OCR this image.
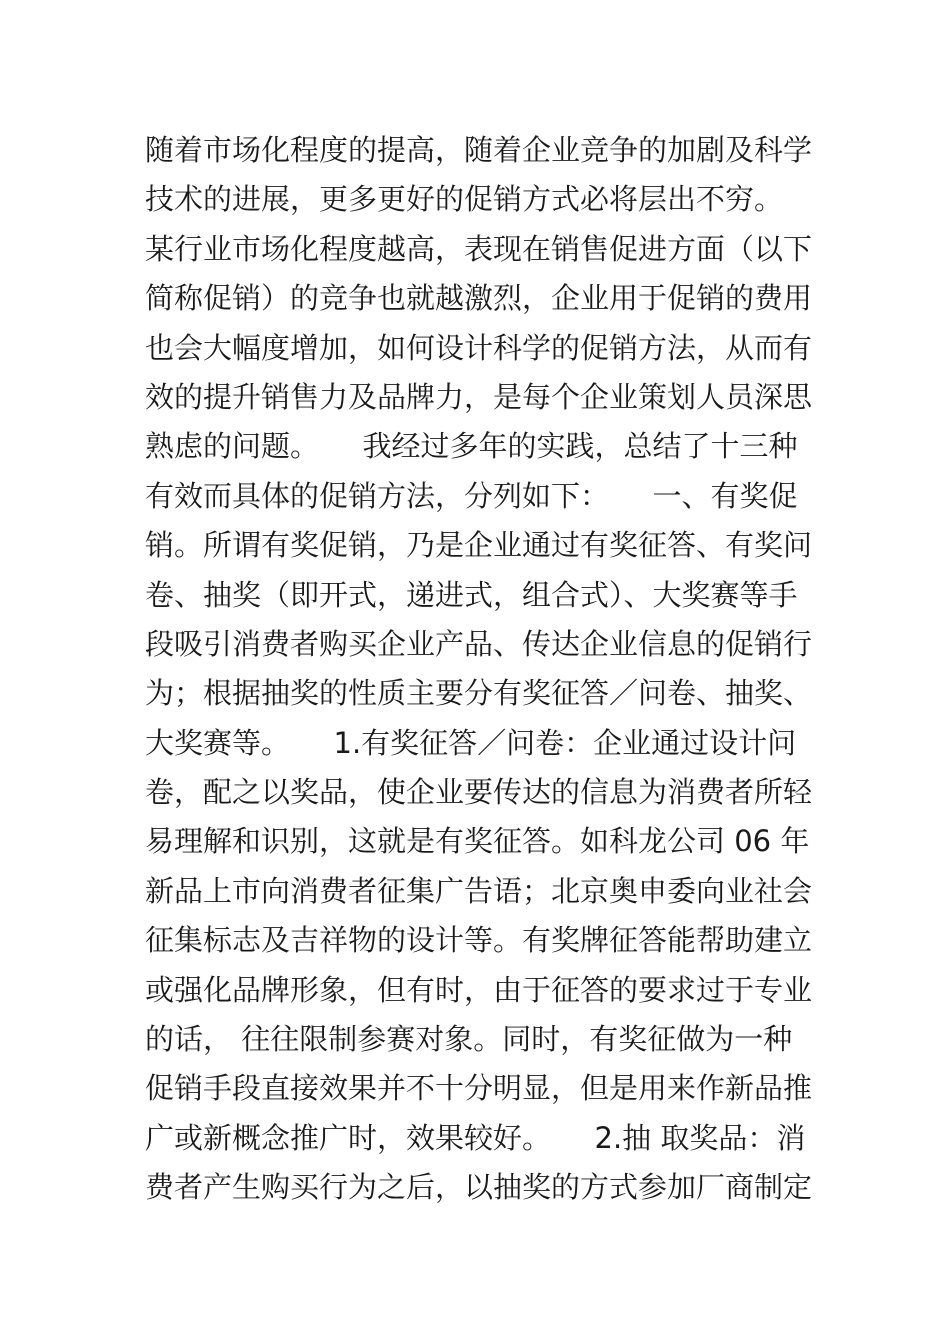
随着市场化程度的提高，随着企业竞争的加剧及科学
技术的进展，更多更好的促销方式必将层出不穷。
某行业市场化程度越高，表现在销售促进方面（以下
简称促销）的竞争也就越激烈，企业用于促销的费用
也会大幅度增加，如何设计科学的促销方法，从而有
效的提升销售力及品牌力，是每个企业策划人员深思
熟虑的问题。　　我经过多年的实践，总结了十三种
有效而具体的促销方法，分列如下：　　一、有奖促
销。所谓有奖促销，乃是企业通过有奖征答、有奖问
卷、抽奖（即开式，递进式，组合式）、大奖赛等手
段吸引消费者购买企业产品、传达企业信息的促销行
为；根据抽奖的性质主要分有奖征答／问卷、抽奖、
大奖赛等。　　1.有奖征答／问卷：企业通过设计问
卷，配之以奖品，使企业要传达的信息为消费者所轻
易理解和识别，这就是有奖征答。如科龙公司 06 年
新品上市向消费者征集广告语；北京奥申委向业社会
征集标志及吉祥物的设计等。有奖牌征答能帮助建立
或强化品牌形象，但有时，由于征答的要求过于专业
的话， 往往限制参赛对象。同时，有奖征做为一种
促销手段直接效果并不十分明显，但是用来作新品推
广或新概念推广时，效果较好。　　2.抽 取奖品：消
费者产生购买行为之后，以抽奖的方式参加厂商制定
